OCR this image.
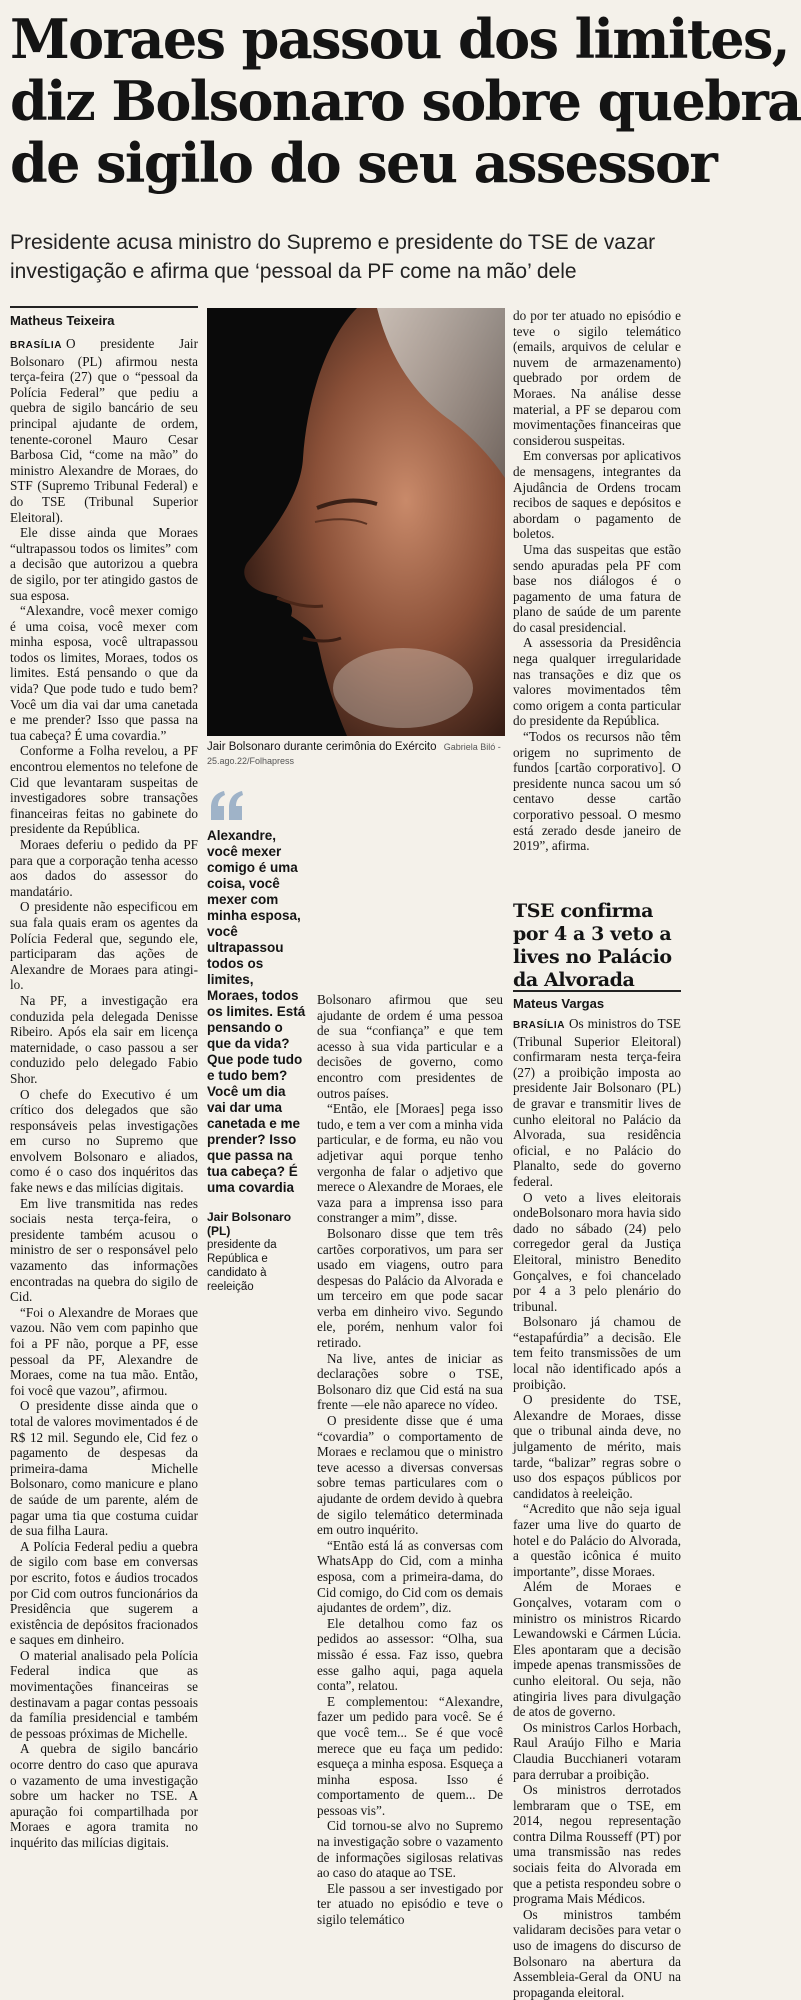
Moraes passou dos limites,
diz Bolsonaro sobre quebra
de sigilo do seu assessor

Presidente acusa ministro do Supremo e presidente do TSE de vazar investigação e afirma que ‘pessoal da PF come na mão’ dele

Matheus Teixeira

BRASÍLIA O presidente Jair Bolsonaro (PL) afirmou nesta terça-feira (27) que o “pessoal da Polícia Federal” que pediu a quebra de sigilo bancário de seu principal ajudante de ordem, tenente-coronel Mauro Cesar Barbosa Cid, “come na mão” do ministro Alexandre de Moraes, do STF (Supremo Tribunal Federal) e do TSE (Tribunal Superior Eleitoral).

Ele disse ainda que Moraes “ultrapassou todos os limites” com a decisão que autorizou a quebra de sigilo, por ter atingido gastos de sua esposa.

“Alexandre, você mexer comigo é uma coisa, você mexer com minha esposa, você ultrapassou todos os limites, Moraes, todos os limites. Está pensando o que da vida? Que pode tudo e tudo bem? Você um dia vai dar uma canetada e me prender? Isso que passa na tua cabeça? É uma covardia.”

Conforme a Folha revelou, a PF encontrou elementos no telefone de Cid que levantaram suspeitas de investigadores sobre transações financeiras feitas no gabinete do presidente da República.

Moraes deferiu o pedido da PF para que a corporação tenha acesso aos dados do assessor do mandatário.

O presidente não especificou em sua fala quais eram os agentes da Polícia Federal que, segundo ele, participaram das ações de Alexandre de Moraes para atingi-lo.

Na PF, a investigação era conduzida pela delegada Denisse Ribeiro. Após ela sair em licença maternidade, o caso passou a ser conduzido pelo delegado Fabio Shor.

O chefe do Executivo é um crítico dos delegados que são responsáveis pelas investigações em curso no Supremo que envolvem Bolsonaro e aliados, como é o caso dos inquéritos das fake news e das milícias digitais.

Em live transmitida nas redes sociais nesta terça-feira, o presidente também acusou o ministro de ser o responsável pelo vazamento das informações encontradas na quebra do sigilo de Cid.

“Foi o Alexandre de Moraes que vazou. Não vem com papinho que foi a PF não, porque a PF, esse pessoal da PF, Alexandre de Moraes, come na tua mão. Então, foi você que vazou”, afirmou.

O presidente disse ainda que o total de valores movimentados é de R$ 12 mil. Segundo ele, Cid fez o pagamento de despesas da primeira-dama Michelle Bolsonaro, como manicure e plano de saúde de um parente, além de pagar uma tia que costuma cuidar de sua filha Laura.

A Polícia Federal pediu a quebra de sigilo com base em conversas por escrito, fotos e áudios trocados por Cid com outros funcionários da Presidência que sugerem a existência de depósitos fracionados e saques em dinheiro.

O material analisado pela Polícia Federal indica que as movimentações financeiras se destinavam a pagar contas pessoais da família presidencial e também de pessoas próximas de Michelle.

A quebra de sigilo bancário ocorre dentro do caso que apurava o vazamento de uma investigação sobre um hacker no TSE. A apuração foi compartilhada por Moraes e agora tramita no inquérito das milícias digitais.

Jair Bolsonaro durante cerimônia do Exército Gabriela Biló - 25.ago.22/Folhapress

Alexandre, você mexer comigo é uma coisa, você mexer com minha esposa, você ultrapassou todos os limites, Moraes, todos os limites. Está pensando o que da vida? Que pode tudo e tudo bem? Você um dia vai dar uma canetada e me prender? Isso que passa na tua cabeça? É uma covardia

Jair Bolsonaro (PL)
presidente da República e candidato à reeleição

Bolsonaro afirmou que seu ajudante de ordem é uma pessoa de sua “confiança” e que tem acesso à sua vida particular e a decisões de governo, como encontro com presidentes de outros países.

“Então, ele [Moraes] pega isso tudo, e tem a ver com a minha vida particular, e de forma, eu não vou adjetivar aqui porque tenho vergonha de falar o adjetivo que merece o Alexandre de Moraes, ele vaza para a imprensa isso para constranger a mim”, disse.

Bolsonaro disse que tem três cartões corporativos, um para ser usado em viagens, outro para despesas do Palácio da Alvorada e um terceiro em que pode sacar verba em dinheiro vivo. Segundo ele, porém, nenhum valor foi retirado.

Na live, antes de iniciar as declarações sobre o TSE, Bolsonaro diz que Cid está na sua frente —ele não aparece no vídeo.

O presidente disse que é uma “covardia” o comportamento de Moraes e reclamou que o ministro teve acesso a diversas conversas sobre temas particulares com o ajudante de ordem devido à quebra de sigilo telemático determinada em outro inquérito.

“Então está lá as conversas com WhatsApp do Cid, com a minha esposa, com a primeira-dama, do Cid comigo, do Cid com os demais ajudantes de ordem”, diz.

Ele detalhou como faz os pedidos ao assessor: “Olha, sua missão é essa. Faz isso, quebra esse galho aqui, paga aquela conta”, relatou.

E complementou: “Alexandre, fazer um pedido para você. Se é que você tem... Se é que você merece que eu faça um pedido: esqueça a minha esposa. Esqueça a minha esposa. Isso é comportamento de quem... De pessoas vis”.

Cid tornou-se alvo no Supremo na investigação sobre o vazamento de informações sigilosas relativas ao caso do ataque ao TSE.

Ele passou a ser investigado por ter atuado no episódio e teve o sigilo telemático

do por ter atuado no episódio e teve o sigilo telemático (emails, arquivos de celular e nuvem de armazenamento) quebrado por ordem de Moraes. Na análise desse material, a PF se deparou com movimentações financeiras que considerou suspeitas.

Em conversas por aplicativos de mensagens, integrantes da Ajudância de Ordens trocam recibos de saques e depósitos e abordam o pagamento de boletos.

Uma das suspeitas que estão sendo apuradas pela PF com base nos diálogos é o pagamento de uma fatura de plano de saúde de um parente do casal presidencial.

A assessoria da Presidência nega qualquer irregularidade nas transações e diz que os valores movimentados têm como origem a conta particular do presidente da República.

“Todos os recursos não têm origem no suprimento de fundos [cartão corporativo]. O presidente nunca sacou um só centavo desse cartão corporativo pessoal. O mesmo está zerado desde janeiro de 2019”, afirma.

TSE confirma por 4 a 3 veto a lives no Palácio da Alvorada
Mateus Vargas

BRASÍLIA Os ministros do TSE (Tribunal Superior Eleitoral) confirmaram nesta terça-feira (27) a proibição imposta ao presidente Jair Bolsonaro (PL) de gravar e transmitir lives de cunho eleitoral no Palácio da Alvorada, sua residência oficial, e no Palácio do Planalto, sede do governo federal.

O veto a lives eleitorais ondeBolsonaro mora havia sido dado no sábado (24) pelo corregedor geral da Justiça Eleitoral, ministro Benedito Gonçalves, e foi chancelado por 4 a 3 pelo plenário do tribunal.

Bolsonaro já chamou de “estapafúrdia” a decisão. Ele tem feito transmissões de um local não identificado após a proibição.

O presidente do TSE, Alexandre de Moraes, disse que o tribunal ainda deve, no julgamento de mérito, mais tarde, “balizar” regras sobre o uso dos espaços públicos por candidatos à reeleição.

“Acredito que não seja igual fazer uma live do quarto de hotel e do Palácio do Alvorada, a questão icônica é muito importante”, disse Moraes.

Além de Moraes e Gonçalves, votaram com o ministro os ministros Ricardo Lewandowski e Cármen Lúcia. Eles apontaram que a decisão impede apenas transmissões de cunho eleitoral. Ou seja, não atingiria lives para divulgação de atos de governo.

Os ministros Carlos Horbach, Raul Araújo Filho e Maria Claudia Bucchianeri votaram para derrubar a proibição.

Os ministros derrotados lembraram que o TSE, em 2014, negou representação contra Dilma Rousseff (PT) por uma transmissão nas redes sociais feita do Alvorada em que a petista respondeu sobre o programa Mais Médicos.

Os ministros também validaram decisões para vetar o uso de imagens do discurso de Bolsonaro na abertura da Assembleia-Geral da ONU na propaganda eleitoral.
